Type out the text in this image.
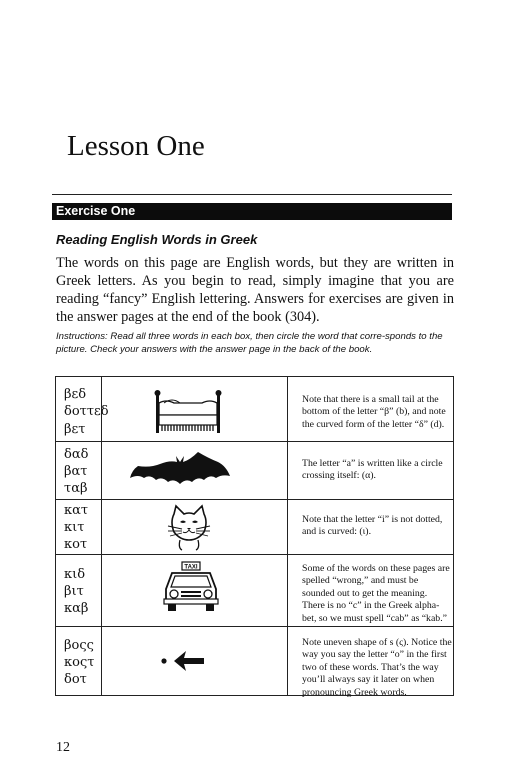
Lesson One
Exercise One
Reading English Words in Greek
The words on this page are English words, but they are written in Greek letters. As you begin to read, simply imagine that you are reading “fancy” English lettering. Answers for exercises are given in the answer pages at the end of the book (304).
Instructions: Read all three words in each box, then circle the word that corre-sponds to the picture. Check your answers with the answer page in the back of the book.
βεδ
δοττεδ
βετ
Note that there is a small tail at the bottom of the letter “β” (b), and note the curved form of the letter “δ” (d).
δαδ
βατ
ταβ
The letter “a” is written like a circle crossing itself: (α).
κατ
κιτ
κοτ
Note that the letter “i” is not dotted, and is curved: (ι).
κιδ
βιτ
καβ
TAXI	Some of the words on these pages are spelled “wrong,” and must be sounded out to get the meaning. There is no “c” in the Greek alpha-bet, so we must spell “cab” as “kab.”
βοςς
κοςτ
δοτ
Note uneven shape of s (ς). Notice the way you say the letter “o” in the first two of these words. That’s the way you’ll always say it later on when pronouncing Greek words.
12
